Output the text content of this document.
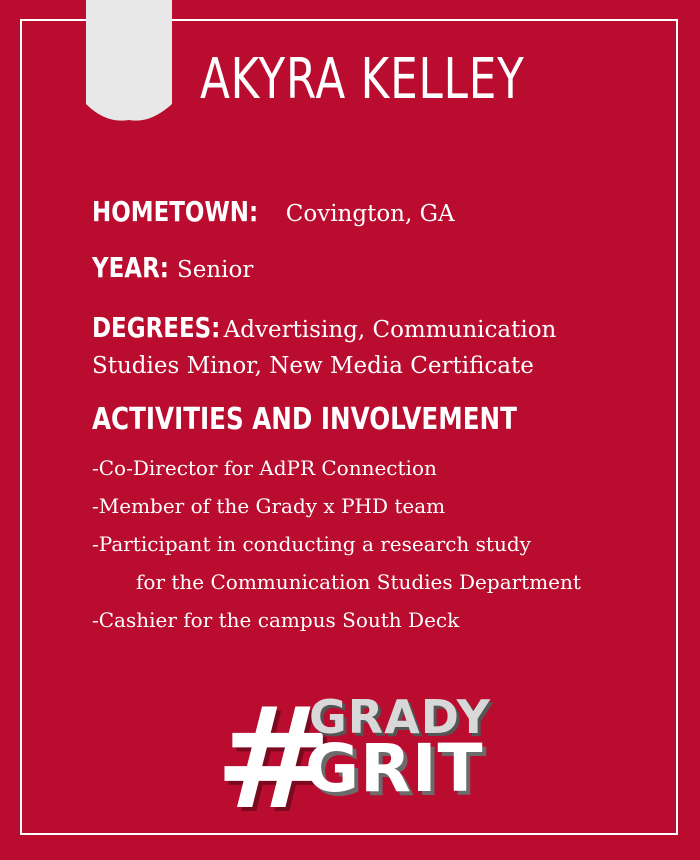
AKYRA KELLEY
HOMETOWN: Covington, GA
YEAR: Senior
DEGREES: Advertising, Communication Studies Minor, New Media Certificate
ACTIVITIES AND INVOLVEMENT
-Co-Director for AdPR Connection
-Member of the Grady x PHD team
-Participant in conducting a research study
for the Communication Studies Department
-Cashier for the campus South Deck
#
GRADY
GRIT
